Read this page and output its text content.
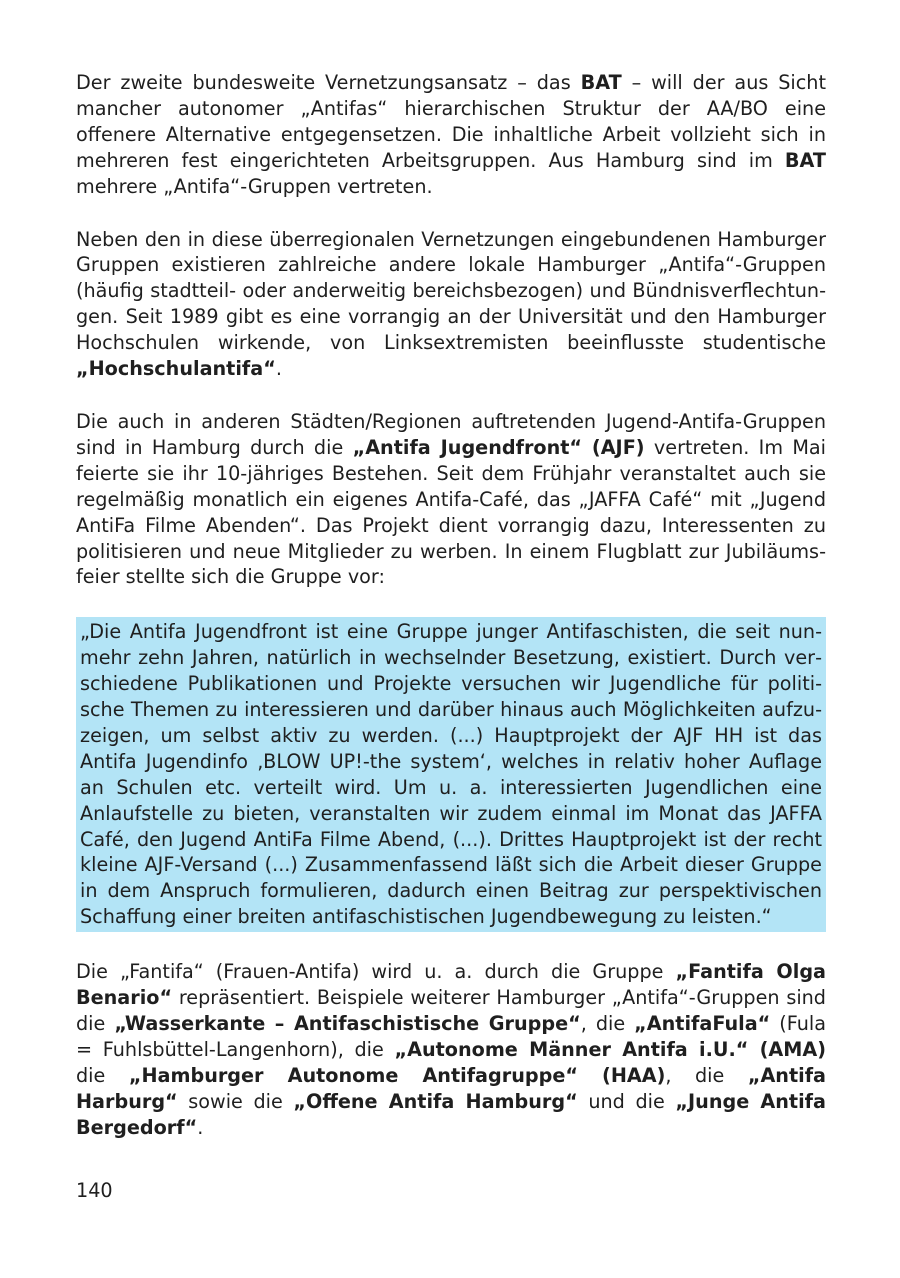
Der zweite bundesweite Vernetzungsansatz – das BAT – will der aus Sicht mancher autonomer „Antifas“ hierarchischen Struktur der AA/BO eine offenere Alternative entgegensetzen. Die inhaltliche Arbeit vollzieht sich in mehreren fest eingerichteten Arbeitsgruppen. Aus Hamburg sind im BAT mehrere „Antifa“-Gruppen vertreten.

Neben den in diese überregionalen Vernetzungen eingebundenen Hamburger Gruppen existieren zahlreiche andere lokale Hamburger „Antifa“-Gruppen (häufig stadtteil- oder anderweitig bereichsbezogen) und Bündnisverflechtungen. Seit 1989 gibt es eine vorrangig an der Universität und den Hamburger Hochschulen wirkende, von Linksextremisten beeinflusste studentische „Hochschulantifa“.

Die auch in anderen Städten/Regionen auftretenden Jugend-Antifa-Gruppen sind in Hamburg durch die „Antifa Jugendfront“ (AJF) vertreten. Im Mai feierte sie ihr 10-jähriges Bestehen. Seit dem Frühjahr veranstaltet auch sie regelmäßig monatlich ein eigenes Antifa-Café, das „JAFFA Café“ mit „Jugend AntiFa Filme Abenden“. Das Projekt dient vorrangig dazu, Interessenten zu politisieren und neue Mitglieder zu werben. In einem Flugblatt zur Jubiläumsfeier stellte sich die Gruppe vor:

„Die Antifa Jugendfront ist eine Gruppe junger Antifaschisten, die seit nunmehr zehn Jahren, natürlich in wechselnder Besetzung, existiert. Durch verschiedene Publikationen und Projekte versuchen wir Jugendliche für politische Themen zu interessieren und darüber hinaus auch Möglichkeiten aufzuzeigen, um selbst aktiv zu werden. (...) Hauptprojekt der AJF HH ist das Antifa Jugendinfo ‚BLOW UP!-the system‘, welches in relativ hoher Auflage an Schulen etc. verteilt wird. Um u. a. interessierten Jugendlichen eine Anlaufstelle zu bieten, veranstalten wir zudem einmal im Monat das JAFFA Café, den Jugend AntiFa Filme Abend, (...). Drittes Hauptprojekt ist der recht kleine AJF-Versand (...) Zusammenfassend läßt sich die Arbeit dieser Gruppe in dem Anspruch formulieren, dadurch einen Beitrag zur perspektivischen Schaffung einer breiten antifaschistischen Jugendbewegung zu leisten.“

Die „Fantifa“ (Frauen-Antifa) wird u. a. durch die Gruppe „Fantifa Olga Benario“ repräsentiert. Beispiele weiterer Hamburger „Antifa“-Gruppen sind die „Wasserkante – Antifaschistische Gruppe“, die „AntifaFula“ (Fula = Fuhlsbüttel-Langenhorn), die „Autonome Männer Antifa i.U.“ (AMA) die „Hamburger Autonome Antifagruppe“ (HAA), die „Antifa Harburg“ sowie die „Offene Antifa Hamburg“ und die „Junge Antifa Bergedorf“.

140
